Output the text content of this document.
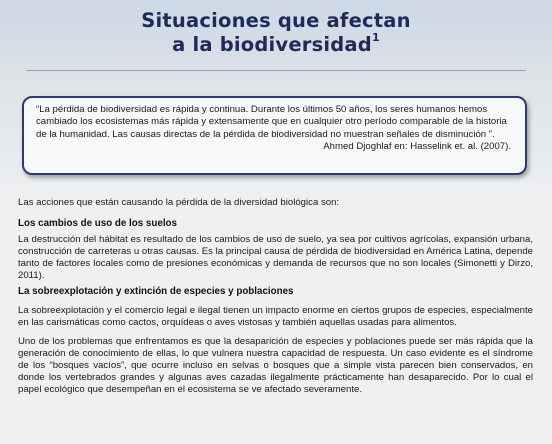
Situaciones que afectan
a la biodiversidad$^1$
“La pérdida de biodiversidad es rápida y continua. Durante los últimos 50 años, los seres humanos hemos cambiado los ecosistemas más rápida y extensamente que en cualquier otro período comparable de la historia de la humanidad. Las causas directas de la pérdida de biodiversidad no muestran señales de disminución ”.
Ahmed Djoghlaf en: Hasselink et. al. (2007).

Las acciones que están causando la pérdida de la diversidad biológica son:

Los cambios de uso de los suelos

La destrucción del hábitat es resultado de los cambios de uso de suelo, ya sea por cultivos agrícolas, expansión urbana, construcción de carreteras u otras causas. Es la principal causa de pérdida de biodiversidad en América Latina, depende tanto de factores locales como de presiones económicas y demanda de recursos que no son locales (Simonetti y Dirzo, 2011).

La sobreexplotación y extinción de especies y poblaciones

La sobreexplotación y el comercio legal e ilegal tienen un impacto enorme en ciertos grupos de especies, especialmente en las carismáticas como cactos, orquídeas o aves vistosas y también aquellas usadas para alimentos.

Uno de los problemas que enfrentamos es que la desaparición de especies y poblaciones puede ser más rápida que la generación de conocimiento de ellas, lo que vulnera nuestra capacidad de respuesta. Un caso evidente es el síndrome de los “bosques vacíos”, que ocurre incluso en selvas o bosques que a simple vista parecen bien conservados, en donde los vertebrados grandes y algunas aves cazadas ilegalmente prácticamente han desaparecido. Por lo cual el papel ecológico que desempeñan en el ecosistema se ve afectado severamente.
